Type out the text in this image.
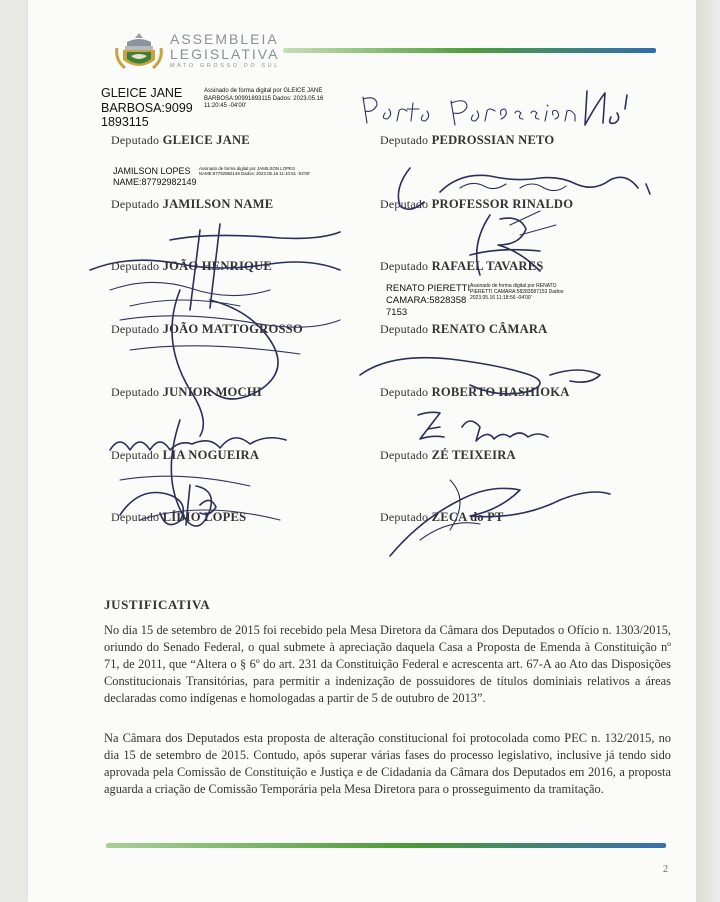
ASSEMBLEIA
LEGISLATIVA
MATO GROSSO DO SUL
GLEICE JANE BARBOSA:9099 1893115
Assinado de forma digital por GLEICE JANE BARBOSA:90991893115 Dados: 2023.05.16 11:20:45 -04'00'
JAMILSON LOPES NAME:87792982149
Assinado de forma digital por JAMILSON LOPES NAME:87792982149 Dados: 2023.05.16 11:10:51 -04'00'
RENATO PIERETTI CAMARA:5828358 7153
Assinado de forma digital por RENATO PIERETTI CAMARA:58283587153 Dados: 2023.05.16 11:18:56 -04'00'
Deputado GLEICE JANE
Deputado JAMILSON NAME
Deputado JOÃO HENRIQUE
Deputado JOÃO MATTOGROSSO
Deputado JUNIOR MOCHI
Deputado LIA NOGUEIRA
Deputado LÍDIO LOPES
Deputado PEDROSSIAN NETO
Deputado PROFESSOR RINALDO
Deputado RAFAEL TAVARES
Deputado RENATO CÂMARA
Deputado ROBERTO HASHIOKA
Deputado ZÉ TEIXEIRA
Deputado ZECA do PT
JUSTIFICATIVA
No dia 15 de setembro de 2015 foi recebido pela Mesa Diretora da Câmara dos Deputados o Ofício n. 1303/2015, oriundo do Senado Federal, o qual submete à apreciação daquela Casa a Proposta de Emenda à Constituição nº 71, de 2011, que “Altera o § 6º do art. 231 da Constituição Federal e acrescenta art. 67-A ao Ato das Disposições Constitucionais Transitórias, para permitir a indenização de possuidores de títulos dominiais relativos a áreas declaradas como indígenas e homologadas a partir de 5 de outubro de 2013”.
Na Câmara dos Deputados esta proposta de alteração constitucional foi protocolada como PEC n. 132/2015, no dia 15 de setembro de 2015. Contudo, após superar várias fases do processo legislativo, inclusive já tendo sido aprovada pela Comissão de Constituição e Justiça e de Cidadania da Câmara dos Deputados em 2016, a proposta aguarda a criação de Comissão Temporária pela Mesa Diretora para o prosseguimento da tramitação.
2
